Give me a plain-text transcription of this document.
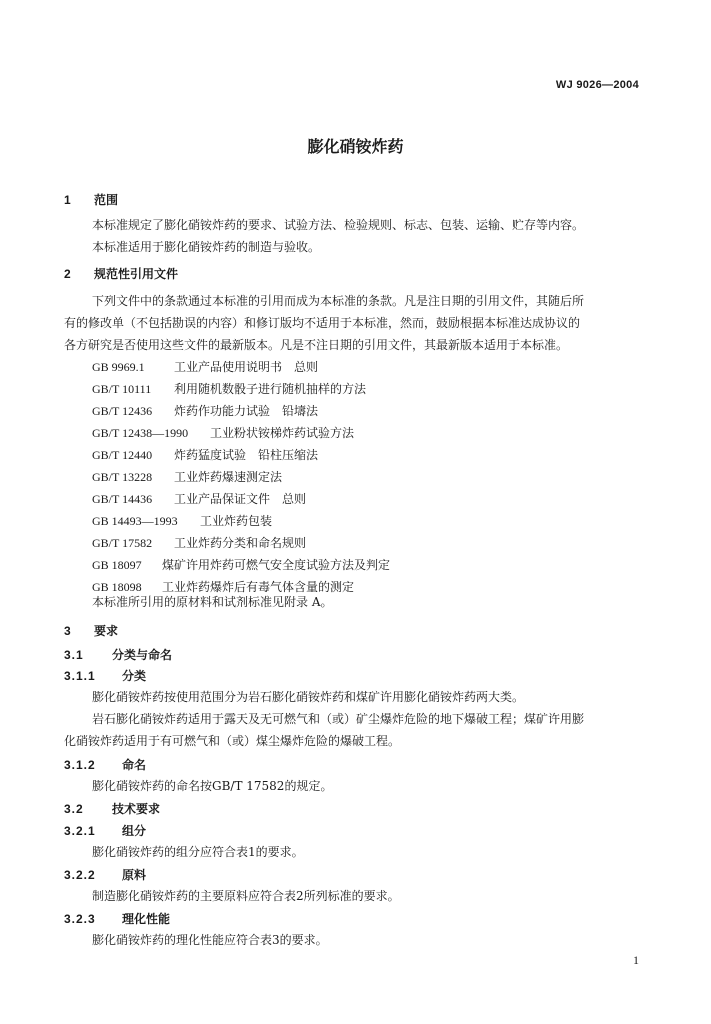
WJ 9026—2004
膨化硝铵炸药
1 范围
本标准规定了膨化硝铵炸药的要求、试验方法、检验规则、标志、包装、运输、贮存等内容。
本标准适用于膨化硝铵炸药的制造与验收。
2 规范性引用文件
下列文件中的条款通过本标准的引用而成为本标准的条款。凡是注日期的引用文件，其随后所
有的修改单（不包括勘误的内容）和修订版均不适用于本标准，然而，鼓励根据本标准达成协议的
各方研究是否使用这些文件的最新版本。凡是不注日期的引用文件，其最新版本适用于本标准。
GB 9969.1 工业产品使用说明书　总则
GB/T 10111 利用随机数骰子进行随机抽样的方法
GB/T 12436 炸药作功能力试验　铅壔法
GB/T 12438—1990 工业粉状铵梯炸药试验方法
GB/T 12440 炸药猛度试验　铅柱压缩法
GB/T 13228 工业炸药爆速测定法
GB/T 14436 工业产品保证文件　总则
GB 14493—1993 工业炸药包装
GB/T 17582 工业炸药分类和命名规则
GB 18097 煤矿许用炸药可燃气安全度试验方法及判定
GB 18098 工业炸药爆炸后有毒气体含量的测定
本标准所引用的原材料和试剂标准见附录 A。
3 要求
3.1 分类与命名
3.1.1 分类
膨化硝铵炸药按使用范围分为岩石膨化硝铵炸药和煤矿许用膨化硝铵炸药两大类。
岩石膨化硝铵炸药适用于露天及无可燃气和（或）矿尘爆炸危险的地下爆破工程；煤矿许用膨
化硝铵炸药适用于有可燃气和（或）煤尘爆炸危险的爆破工程。
3.1.2 命名
膨化硝铵炸药的命名按GB/T 17582的规定。
3.2 技术要求
3.2.1 组分
膨化硝铵炸药的组分应符合表1的要求。
3.2.2 原料
制造膨化硝铵炸药的主要原料应符合表2所列标准的要求。
3.2.3 理化性能
膨化硝铵炸药的理化性能应符合表3的要求。
1
